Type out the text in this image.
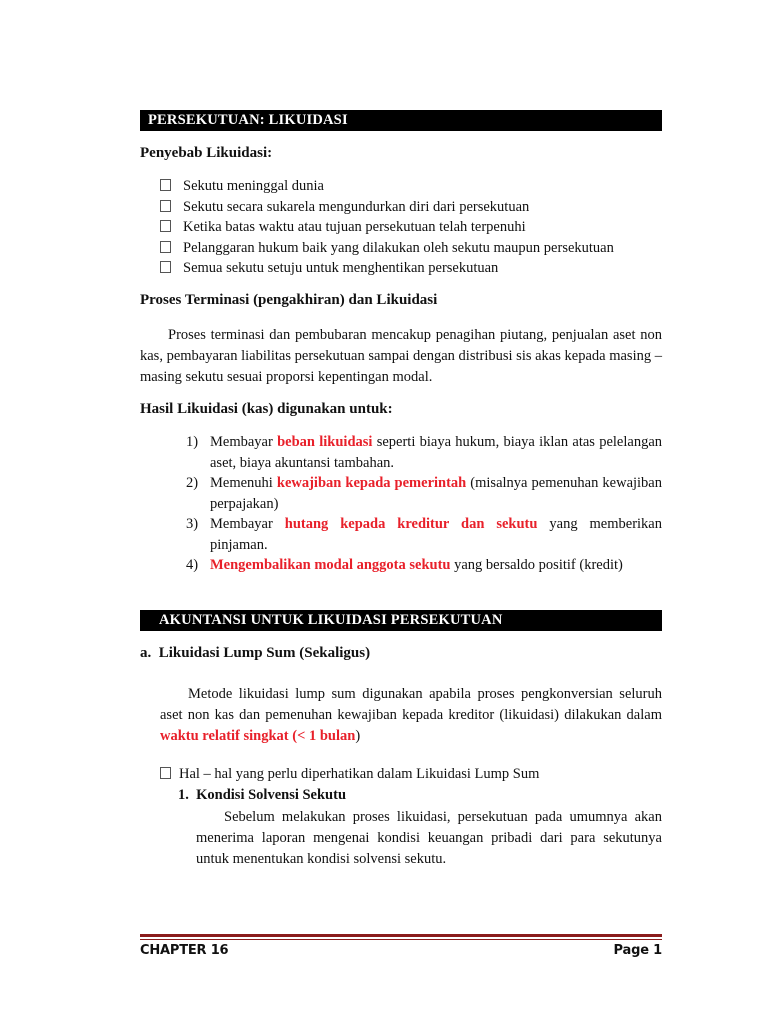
PERSEKUTUAN: LIKUIDASI
Penyebab Likuidasi:
Sekutu meninggal dunia
Sekutu secara sukarela mengundurkan diri dari persekutuan
Ketika batas waktu atau tujuan persekutuan telah terpenuhi
Pelanggaran hukum baik yang dilakukan oleh sekutu maupun persekutuan
Semua sekutu setuju untuk menghentikan persekutuan
Proses Terminasi (pengakhiran) dan Likuidasi
Proses terminasi dan pembubaran mencakup penagihan piutang, penjualan aset non kas, pembayaran liabilitas persekutuan sampai dengan distribusi sis akas kepada masing – masing sekutu sesuai proporsi kepentingan modal.
Hasil Likuidasi (kas) digunakan untuk:
1) Membayar beban likuidasi seperti biaya hukum, biaya iklan atas pelelangan aset, biaya akuntansi tambahan.
2) Memenuhi kewajiban kepada pemerintah (misalnya pemenuhan kewajiban perpajakan)
3) Membayar hutang kepada kreditur dan sekutu yang memberikan pinjaman.
4) Mengembalikan modal anggota sekutu yang bersaldo positif (kredit)
AKUNTANSI UNTUK LIKUIDASI PERSEKUTUAN
a. Likuidasi Lump Sum (Sekaligus)
Metode likuidasi lump sum digunakan apabila proses pengkonversian seluruh aset non kas dan pemenuhan kewajiban kepada kreditor (likuidasi) dilakukan dalam waktu relatif singkat (< 1 bulan)
Hal – hal yang perlu diperhatikan dalam Likuidasi Lump Sum
1.  Kondisi Solvensi Sekutu
Sebelum melakukan proses likuidasi, persekutuan pada umumnya akan menerima laporan mengenai kondisi keuangan pribadi dari para sekutunya untuk menentukan kondisi solvensi sekutu.
CHAPTER 16	Page 1
